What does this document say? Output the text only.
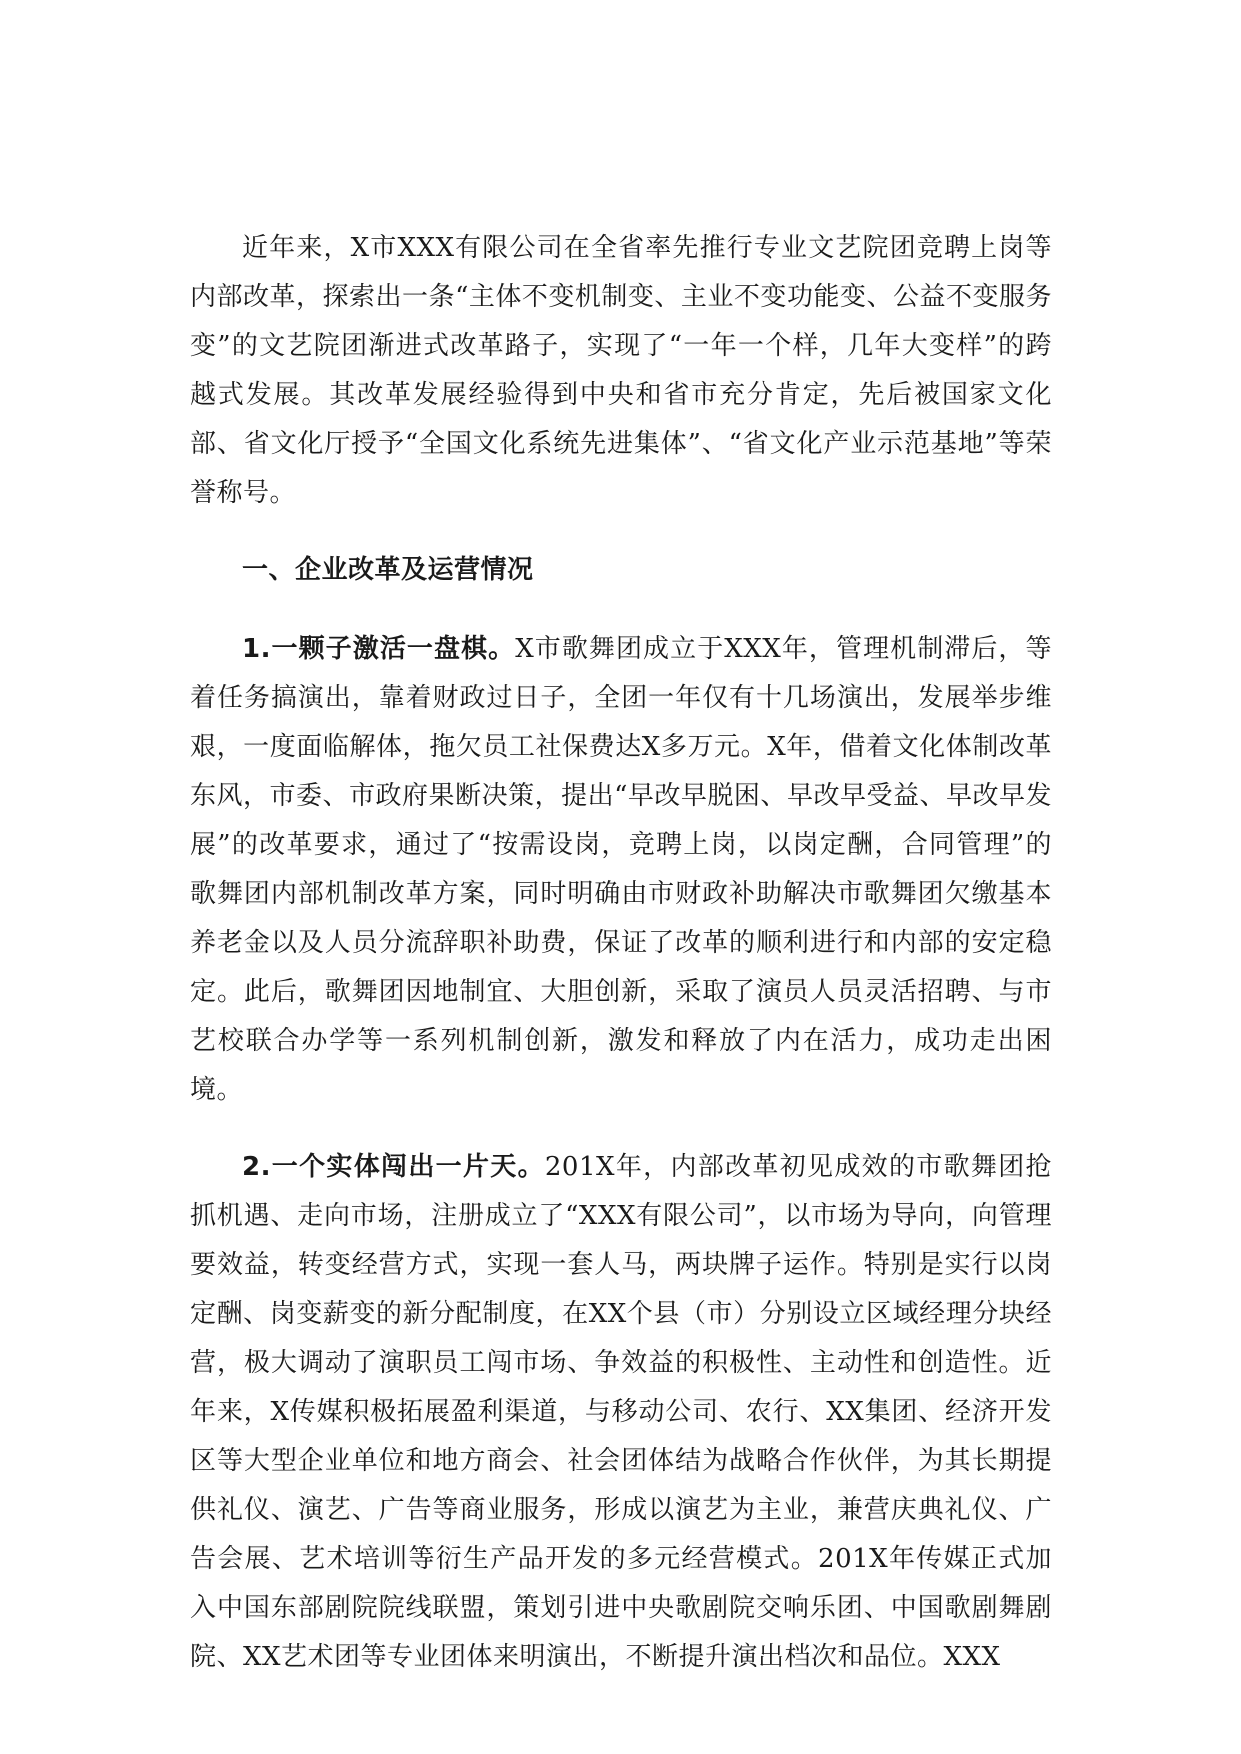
近年来，X市XXX有限公司在全省率先推行专业文艺院团竞聘上岗等内部改革，探索出一条“主体不变机制变、主业不变功能变、公益不变服务变”的文艺院团渐进式改革路子，实现了“一年一个样，几年大变样”的跨越式发展。其改革发展经验得到中央和省市充分肯定，先后被国家文化部、省文化厅授予“全国文化系统先进集体”、“省文化产业示范基地”等荣誉称号。

一、企业改革及运营情况

1.一颗子激活一盘棋。X市歌舞团成立于XXX年，管理机制滞后，等着任务搞演出，靠着财政过日子，全团一年仅有十几场演出，发展举步维艰，一度面临解体，拖欠员工社保费达X多万元。X年，借着文化体制改革东风，市委、市政府果断决策，提出“早改早脱困、早改早受益、早改早发展”的改革要求，通过了“按需设岗，竞聘上岗，以岗定酬，合同管理”的歌舞团内部机制改革方案，同时明确由市财政补助解决市歌舞团欠缴基本养老金以及人员分流辞职补助费，保证了改革的顺利进行和内部的安定稳定。此后，歌舞团因地制宜、大胆创新，采取了演员人员灵活招聘、与市艺校联合办学等一系列机制创新，激发和释放了内在活力，成功走出困境。

2.一个实体闯出一片天。201X年，内部改革初见成效的市歌舞团抢抓机遇、走向市场，注册成立了“XXX有限公司”，以市场为导向，向管理要效益，转变经营方式，实现一套人马，两块牌子运作。特别是实行以岗定酬、岗变薪变的新分配制度，在XX个县（市）分别设立区域经理分块经营，极大调动了演职员工闯市场、争效益的积极性、主动性和创造性。近年来，X传媒积极拓展盈利渠道，与移动公司、农行、XX集团、经济开发区等大型企业单位和地方商会、社会团体结为战略合作伙伴，为其长期提供礼仪、演艺、广告等商业服务，形成以演艺为主业，兼营庆典礼仪、广告会展、艺术培训等衍生产品开发的多元经营模式。201X年传媒正式加入中国东部剧院院线联盟，策划引进中央歌剧院交响乐团、中国歌剧舞剧院、XX艺术团等专业团体来明演出，不断提升演出档次和品位。XXX
